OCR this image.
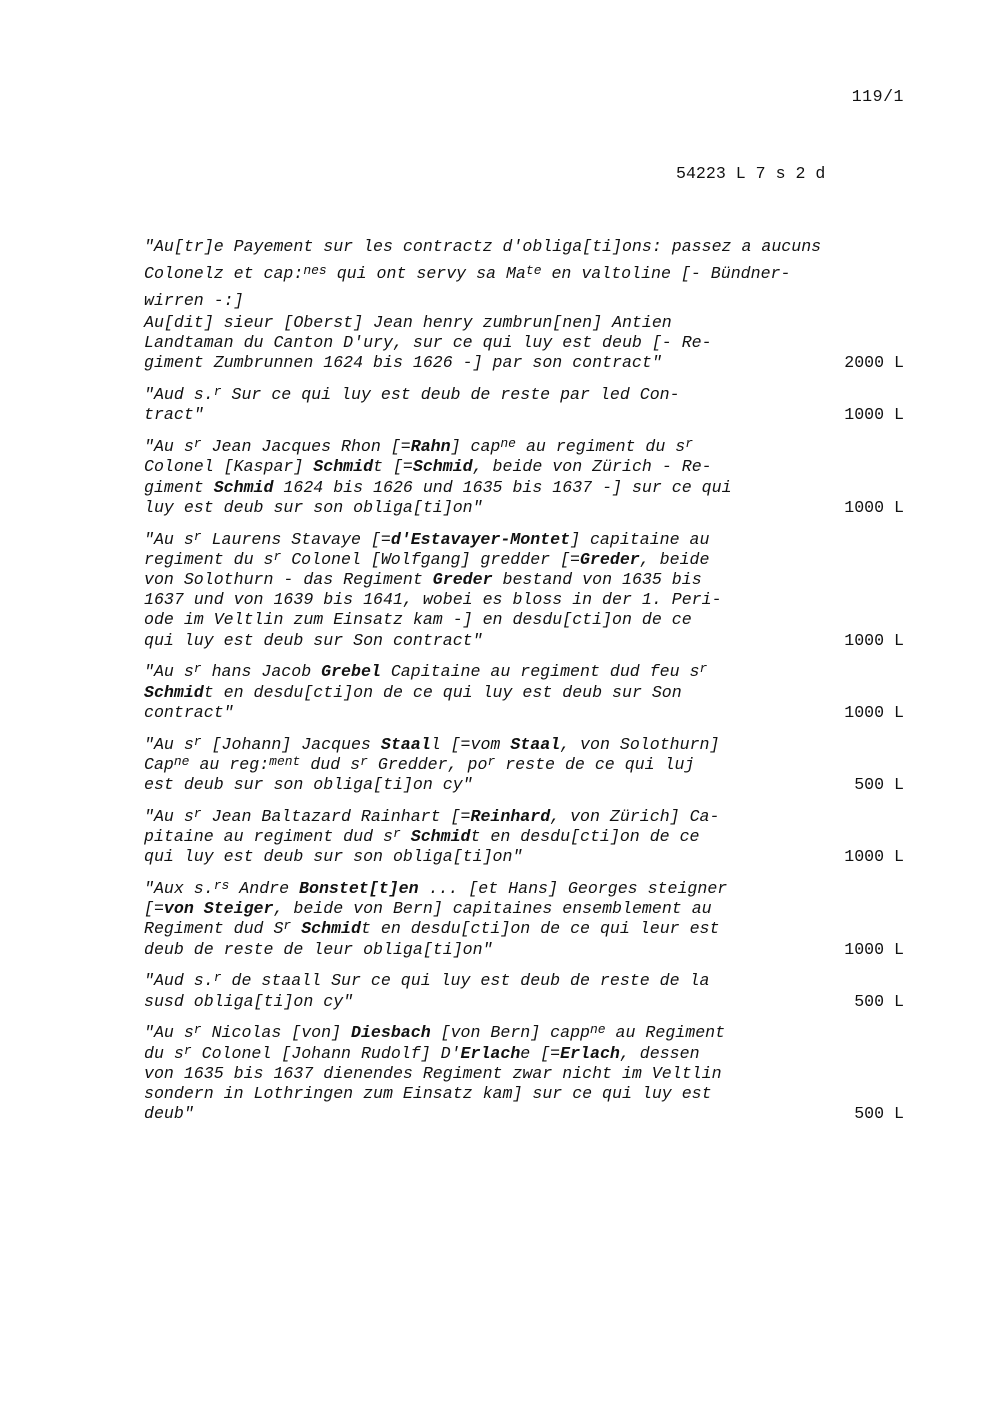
119/1
54223 L 7 s 2 d
"Au[tr]e Payement sur les contractz d'obliga[ti]ons: passez a aucuns
Colonelz et cap:$^{nes}$ qui ont servy sa $Ma^{te}$ en valtoline [- Bündner-
wirren -:]
Au[dit] sieur [Oberst] Jean henry zumbrun[nen] Antien
Landtaman du Canton D'ury, sur ce qui luy est deub [- Re-
giment Zumbrunnen 1624 bis 1626 -] par son contract"	2000 L
"Aud s.$^r$ Sur ce qui luy est deub de reste par led Con-
tract"	1000 L
"Au $s^r$ Jean Jacques Rhon [=Rahn] cap$^{ne}$ au regiment du $s^r$
Colonel [Kaspar] Schmidt [=Schmid, beide von Zürich - Re-
giment Schmid 1624 bis 1626 und 1635 bis 1637 -] sur ce qui
luy est deub sur son obliga[ti]on"	1000 L
"Au $s^r$ Laurens Stavaye [=d'Estavayer-Montet] capitaine au
regiment du $s^r$ Colonel [Wolfgang] gredder [=Greder, beide
von Solothurn - das Regiment Greder bestand von 1635 bis
1637 und von 1639 bis 1641, wobei es bloss in der 1. Peri-
ode im Veltlin zum Einsatz kam -] en desdu[cti]on de ce
qui luy est deub sur Son contract"	1000 L
"Au $s^r$ hans Jacob Grebel Capitaine au regiment dud feu $s^r$
Schmidt en desdu[cti]on de ce qui luy est deub sur Son
contract"	1000 L
"Au $s^r$ [Johann] Jacques Staall [=vom Staal, von Solothurn]
Cap$^{ne}$ au reg:$^{ment}$ dud $s^r$ Gredder, $po^r$ reste de ce qui luj
est deub sur son obliga[ti]on cy"	500 L
"Au $s^r$ Jean Baltazard Rainhart [=Reinhard, von Zürich] Ca-
pitaine au regiment dud $s^r$ Schmidt en desdu[cti]on de ce
qui luy est deub sur son obliga[ti]on"	1000 L
"Aux s.$^{rs}$ Andre Bonstet[t]en ... [et Hans] Georges steigner
[=von Steiger, beide von Bern] capitaines ensemblement au
Regiment dud $S^r$ Schmidt en desdu[cti]on de ce qui leur est
deub de reste de leur obliga[ti]on"	1000 L
"Aud s.$^r$ de staall Sur ce qui luy est deub de reste de la
susd obliga[ti]on cy"	500 L
"Au $s^r$ Nicolas [von] Diesbach [von Bern] capp$^{ne}$ au Regiment
du $s^r$ Colonel [Johann Rudolf] D'Erlache [=Erlach, dessen
von 1635 bis 1637 dienendes Regiment zwar nicht im Veltlin
sondern in Lothringen zum Einsatz kam] sur ce qui luy est
deub"	500 L
